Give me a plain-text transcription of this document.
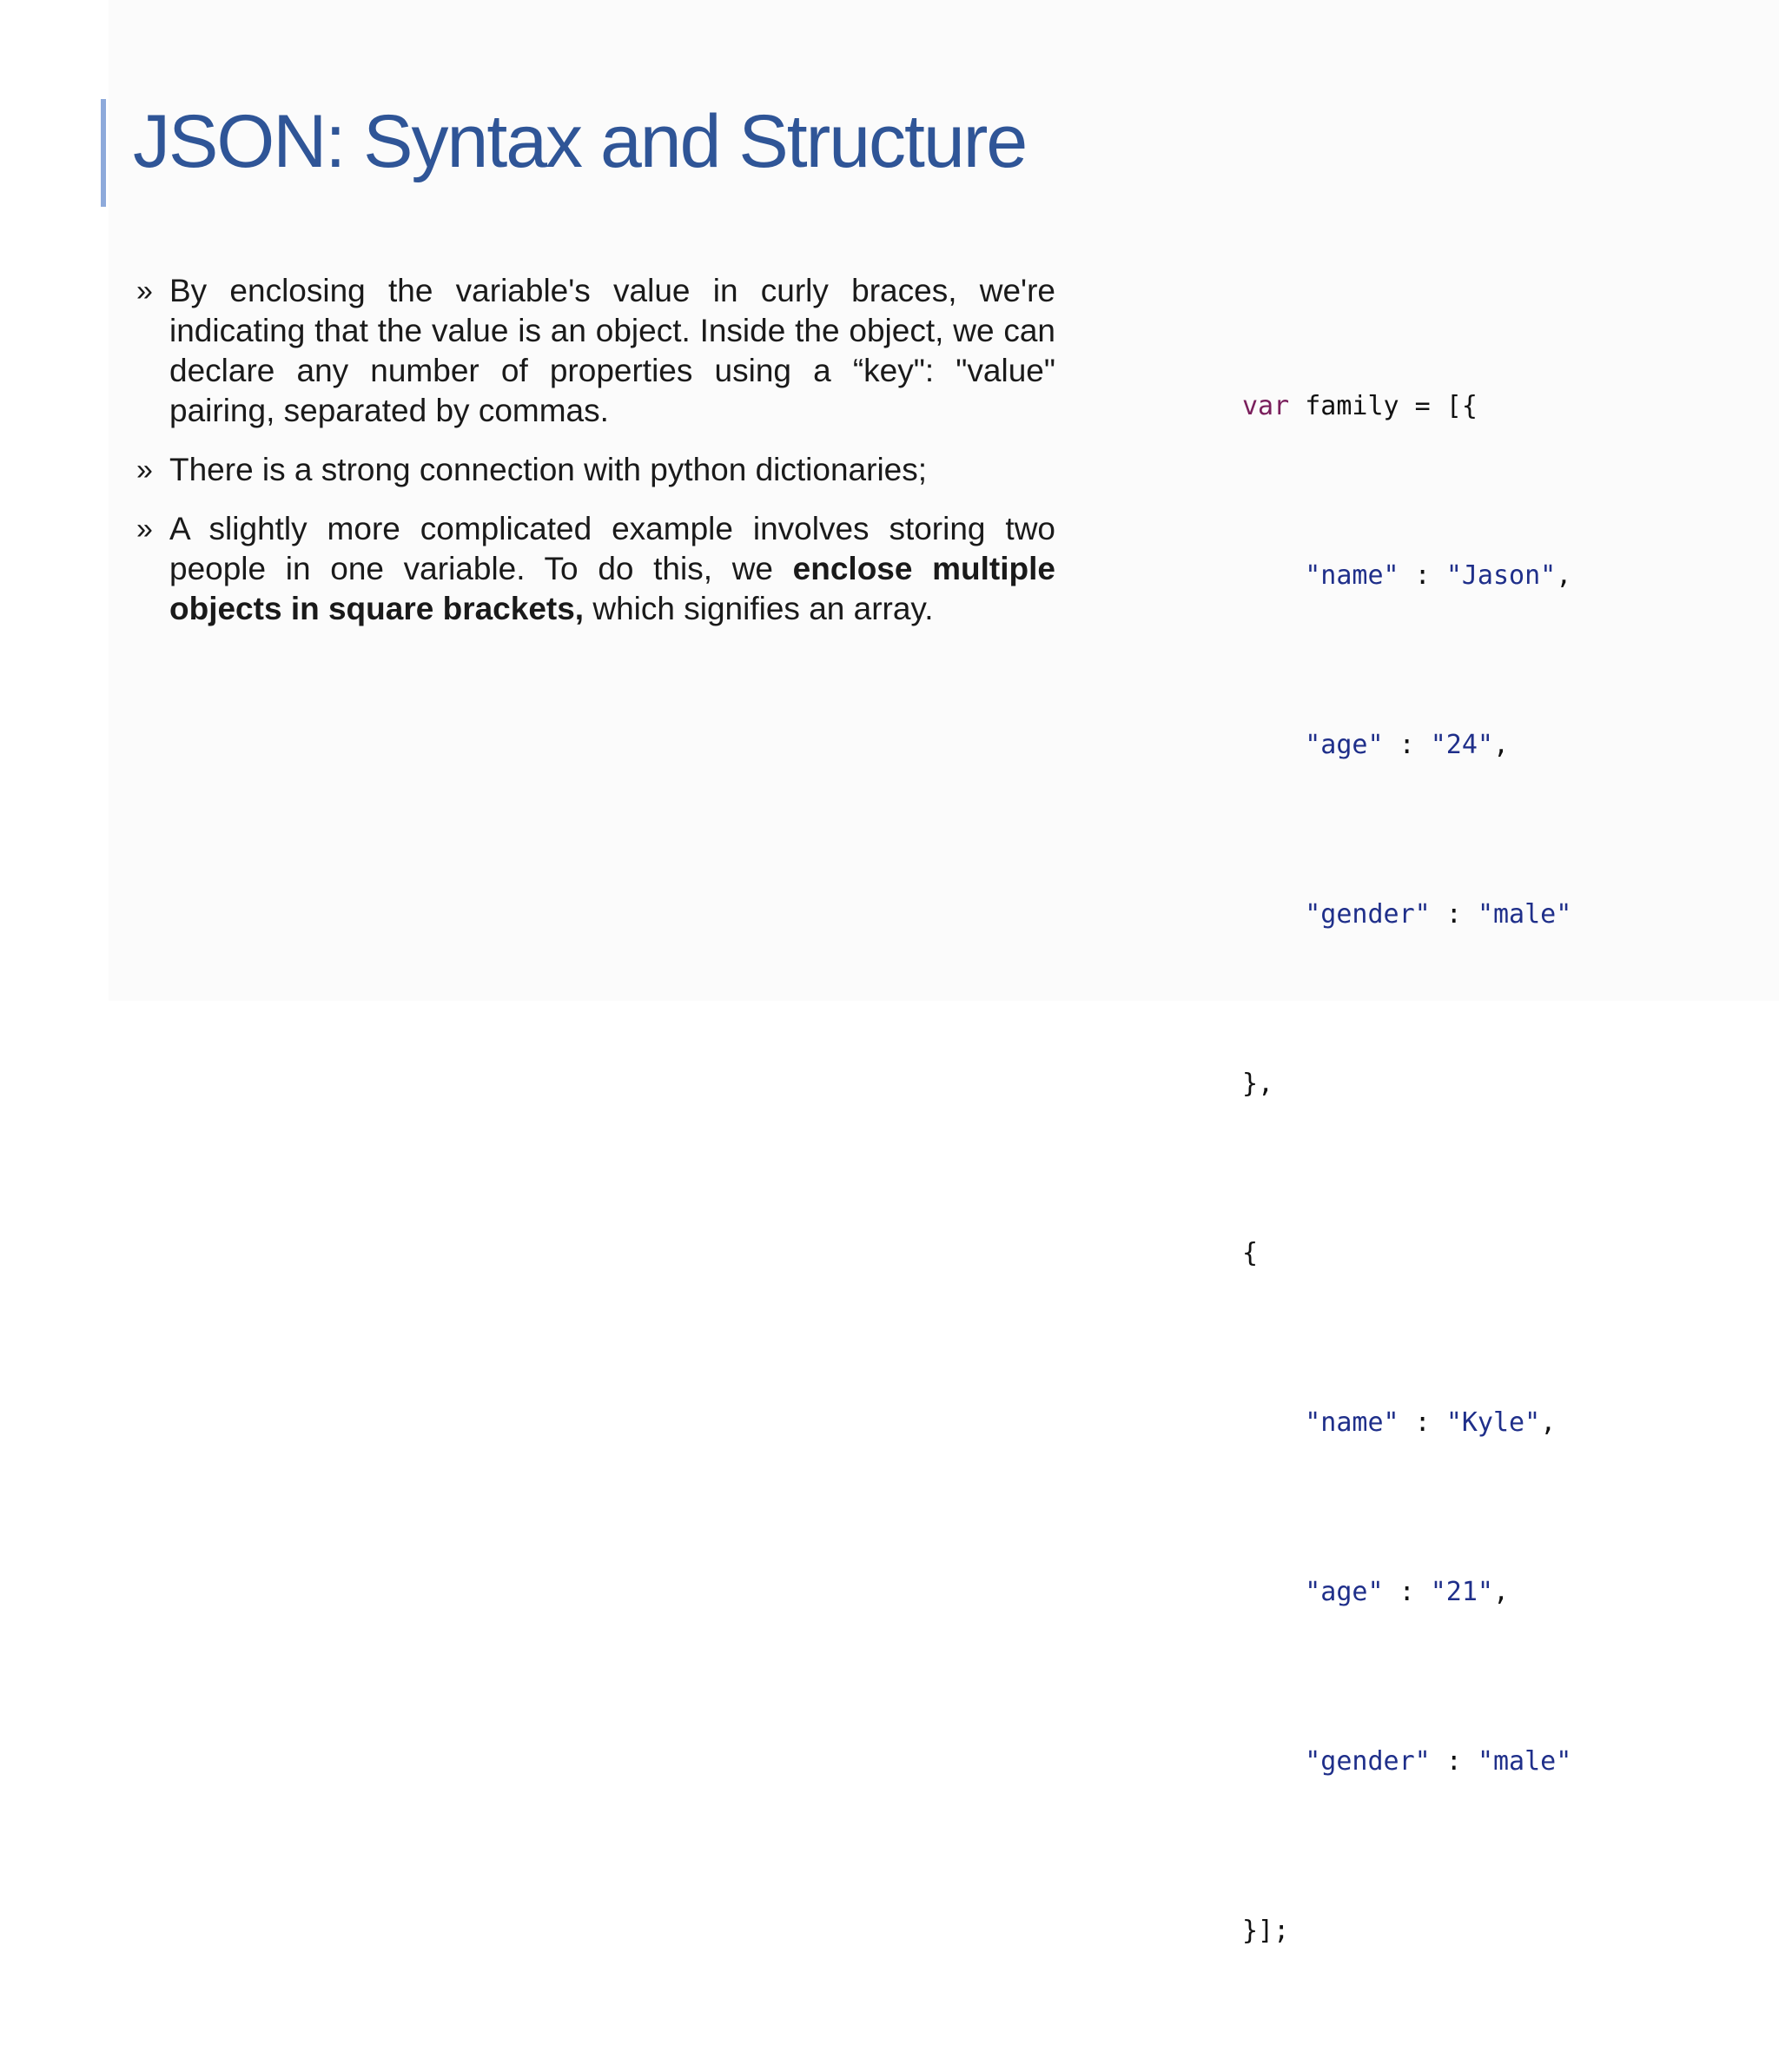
JSON: Syntax and Structure
» By enclosing the variable's value in curly braces, we're indicating that the value is an object. Inside the object, we can declare any number of properties using a “key": "value" pairing, separated by commas.
» There is a strong connection with python dictionaries;
» A slightly more complicated example involves storing two people in one variable. To do this, we enclose multiple objects in square brackets, which signifies an array.

var family = [{

"name" : "Jason",

"age" : "24",

"gender" : "male"

},

{

"name" : "Kyle",

"age" : "21",

"gender" : "male"

}];
